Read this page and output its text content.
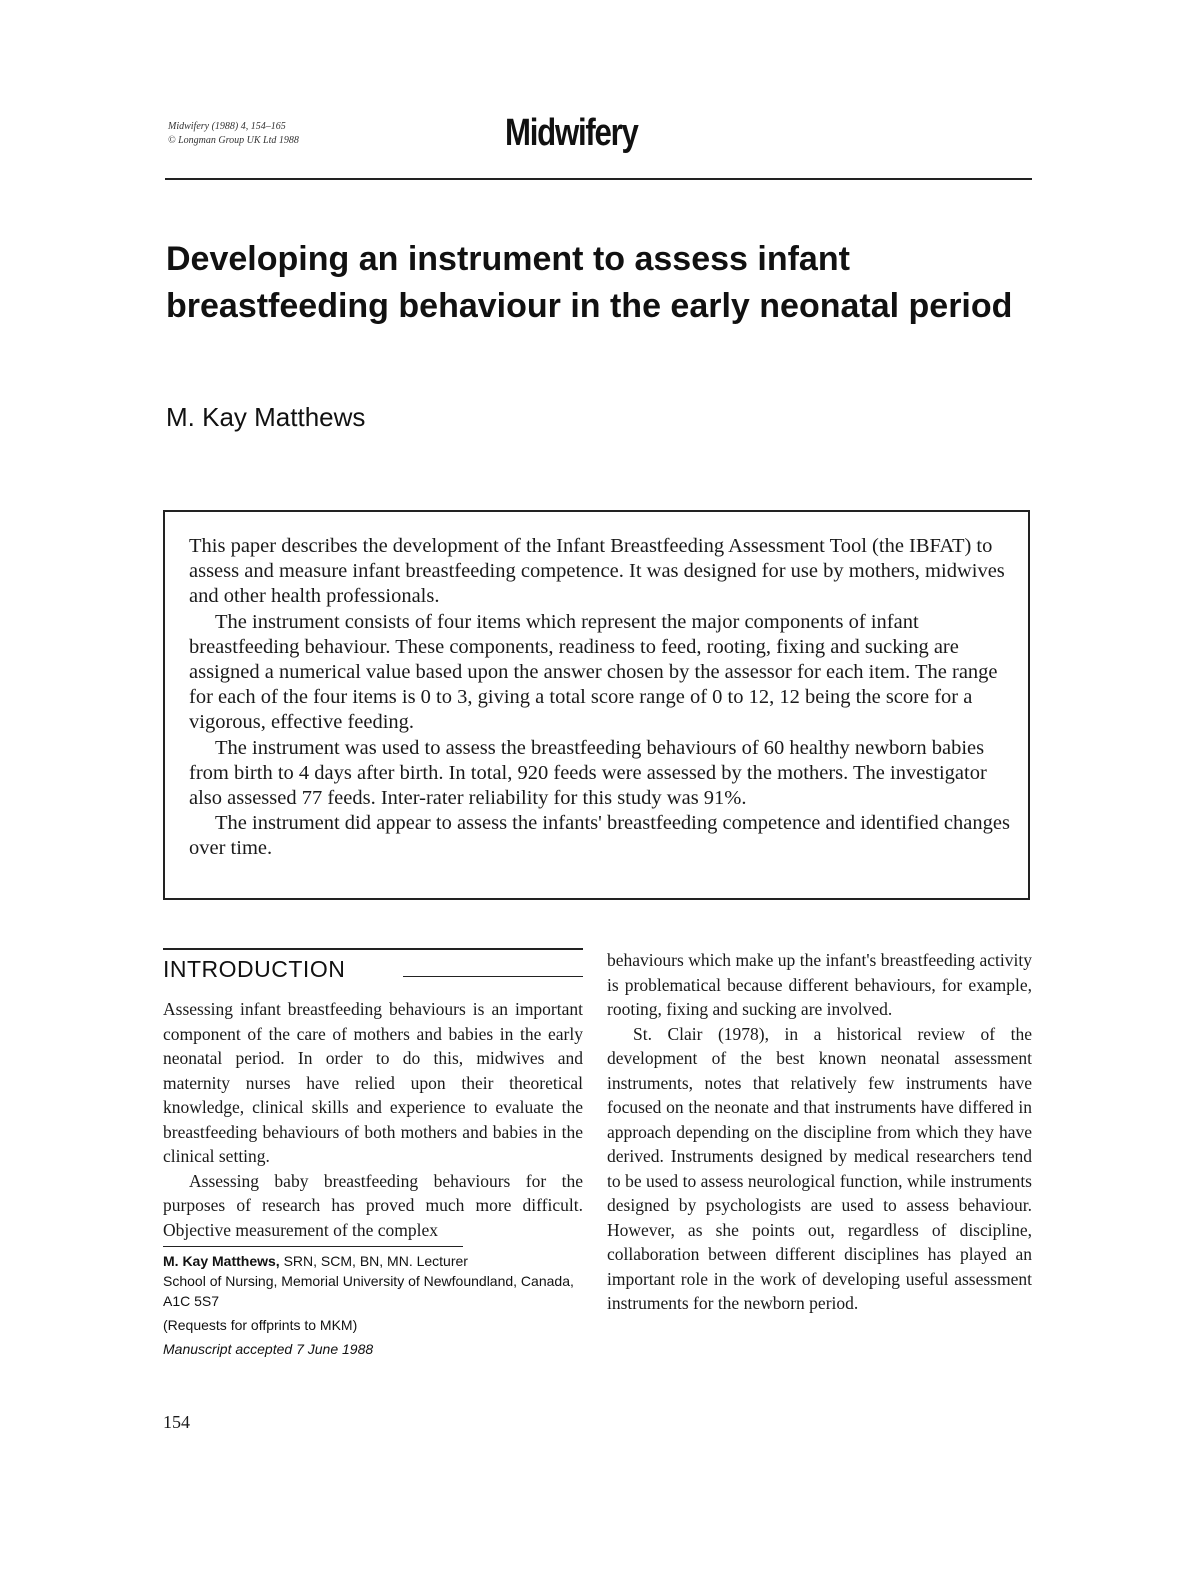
Midwifery (1988) 4, 154–165
© Longman Group UK Ltd 1988	Midwifery
Developing an instrument to assess infant breastfeeding behaviour in the early neonatal period
M. Kay Matthews

This paper describes the development of the Infant Breastfeeding Assessment Tool (the IBFAT) to assess and measure infant breastfeeding competence. It was designed for use by mothers, midwives and other health professionals.

The instrument consists of four items which represent the major components of infant breastfeeding behaviour. These components, readiness to feed, rooting, fixing and sucking are assigned a numerical value based upon the answer chosen by the assessor for each item. The range for each of the four items is 0 to 3, giving a total score range of 0 to 12, 12 being the score for a vigorous, effective feeding.

The instrument was used to assess the breastfeeding behaviours of 60 healthy newborn babies from birth to 4 days after birth. In total, 920 feeds were assessed by the mothers. The investigator also assessed 77 feeds. Inter-rater reliability for this study was 91%.

The instrument did appear to assess the infants' breastfeeding competence and identified changes over time.

INTRODUCTION

Assessing infant breastfeeding behaviours is an important component of the care of mothers and babies in the early neonatal period. In order to do this, midwives and maternity nurses have relied upon their theoretical knowledge, clinical skills and experience to evaluate the breastfeeding behaviours of both mothers and babies in the clinical setting.

Assessing baby breastfeeding behaviours for the purposes of research has proved much more difficult. Objective measurement of the complex

M. Kay Matthews, SRN, SCM, BN, MN. Lecturer
School of Nursing, Memorial University of Newfoundland, Canada, A1C 5S7

(Requests for offprints to MKM)

Manuscript accepted 7 June 1988

behaviours which make up the infant's breastfeeding activity is problematical because different behaviours, for example, rooting, fixing and sucking are involved.

St. Clair (1978), in a historical review of the development of the best known neonatal assessment instruments, notes that relatively few instruments have focused on the neonate and that instruments have differed in approach depending on the discipline from which they have derived. Instruments designed by medical researchers tend to be used to assess neurological function, while instruments designed by psychologists are used to assess behaviour. However, as she points out, regardless of discipline, collaboration between different disciplines has played an important role in the work of developing useful assessment instruments for the newborn period.

154
